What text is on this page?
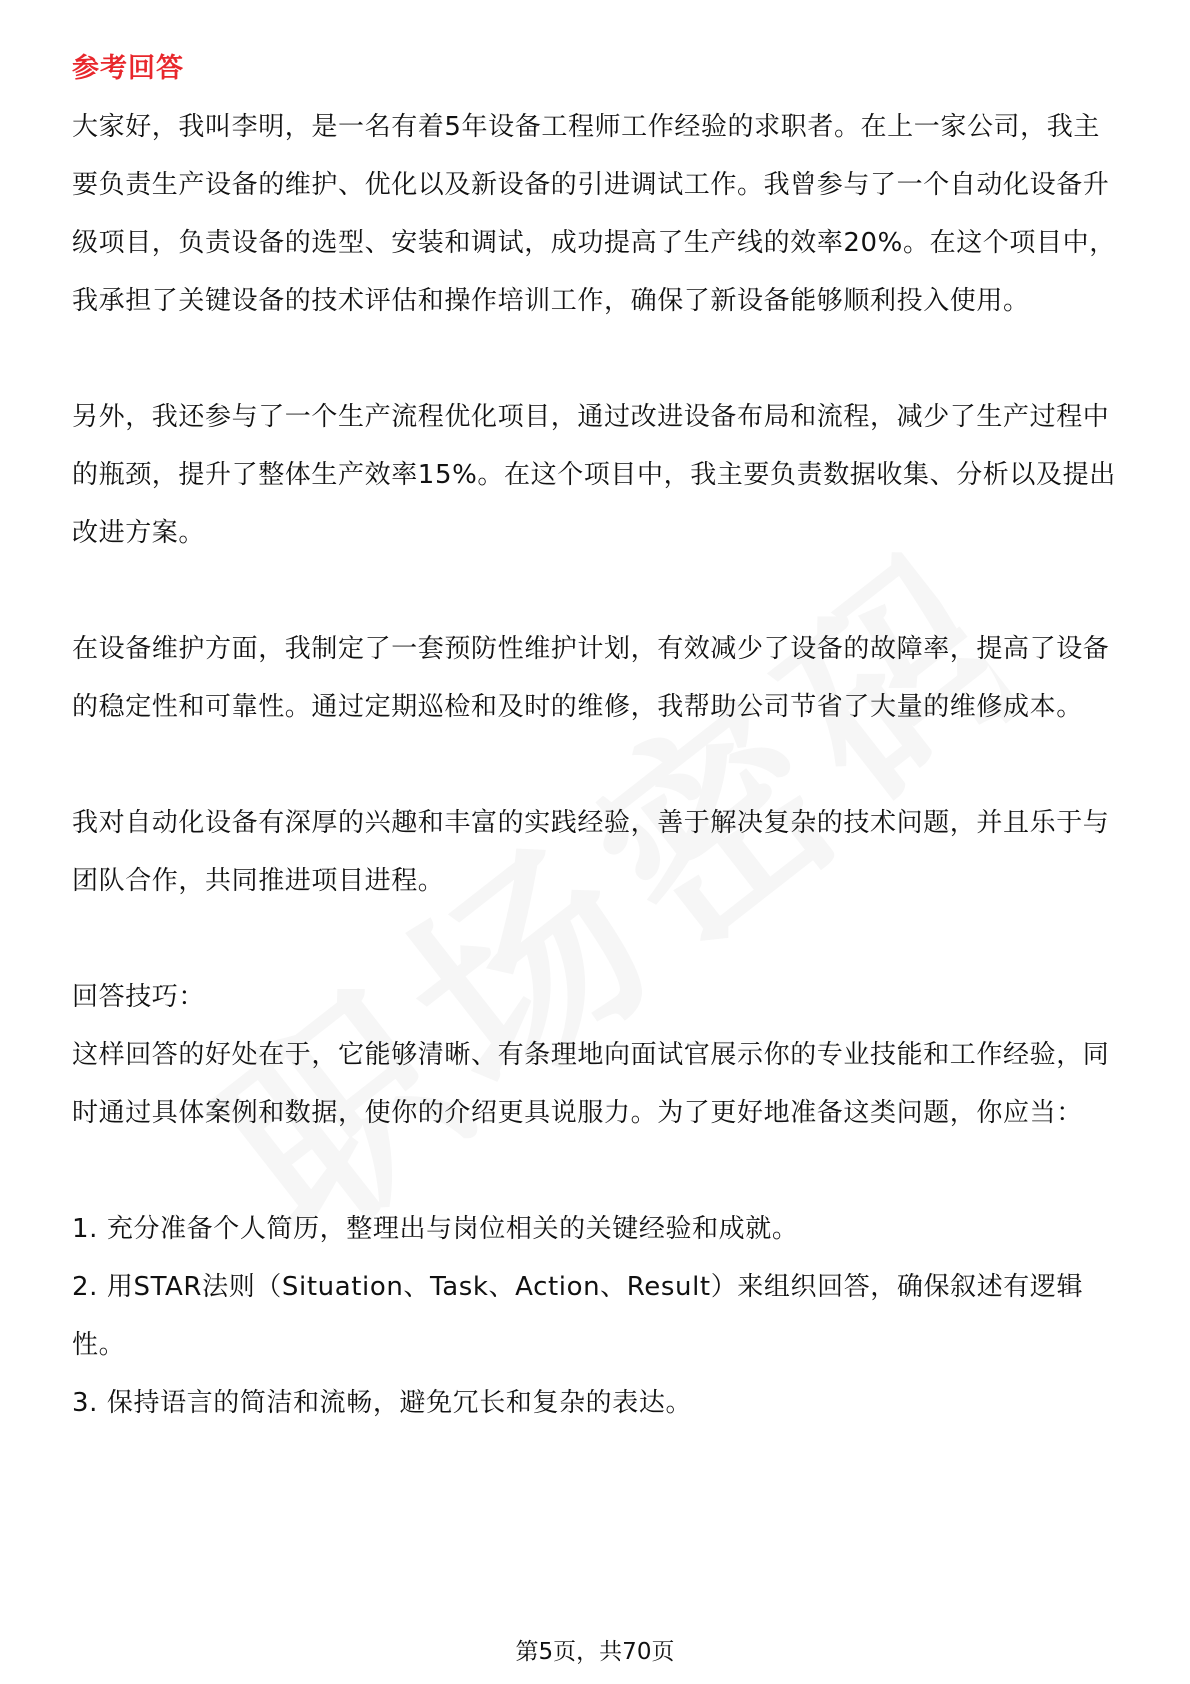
参考回答

大家好，我叫李明，是一名有着5年设备工程师工作经验的求职者。在上一家公司，我主要负责生产设备的维护、优化以及新设备的引进调试工作。我曾参与了一个自动化设备升级项目，负责设备的选型、安装和调试，成功提高了生产线的效率20%。在这个项目中，我承担了关键设备的技术评估和操作培训工作，确保了新设备能够顺利投入使用。

另外，我还参与了一个生产流程优化项目，通过改进设备布局和流程，减少了生产过程中的瓶颈，提升了整体生产效率15%。在这个项目中，我主要负责数据收集、分析以及提出改进方案。

在设备维护方面，我制定了一套预防性维护计划，有效减少了设备的故障率，提高了设备的稳定性和可靠性。通过定期巡检和及时的维修，我帮助公司节省了大量的维修成本。

我对自动化设备有深厚的兴趣和丰富的实践经验，善于解决复杂的技术问题，并且乐于与团队合作，共同推进项目进程。

回答技巧：

这样回答的好处在于，它能够清晰、有条理地向面试官展示你的专业技能和工作经验，同时通过具体案例和数据，使你的介绍更具说服力。为了更好地准备这类问题，你应当：

1. 充分准备个人简历，整理出与岗位相关的关键经验和成就。

2. 用STAR法则（Situation、Task、Action、Result）来组织回答，确保叙述有逻辑性。

3. 保持语言的简洁和流畅，避免冗长和复杂的表达。

第5页，共70页
